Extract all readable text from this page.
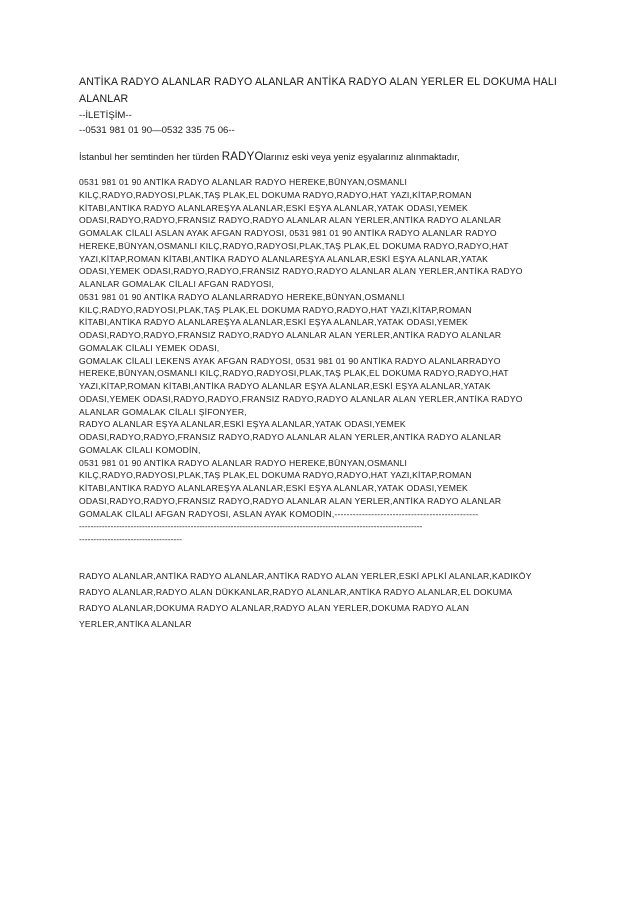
ANTİKA RADYO ALANLAR RADYO ALANLAR ANTİKA RADYO ALAN YERLER EL DOKUMA HALI ALANLAR

--İLETİŞİM--

--0531 981 01 90—0532 335 75 06--

İstanbul her semtinden her türden RADYOlarınız eski veya yeniz eşyalarınız alınmaktadır,

0531 981 01 90 ANTİKA RADYO ALANLAR RADYO HEREKE,BÜNYAN,OSMANLI
KILÇ,RADYO,RADYOSI,PLAK,TAŞ PLAK,EL DOKUMA RADYO,RADYO,HAT YAZI,KİTAP,ROMAN
KİTABI,ANTİKA RADYO ALANLAREŞYA ALANLAR,ESKİ EŞYA ALANLAR,YATAK ODASI,YEMEK
ODASI,RADYO,RADYO,FRANSIZ RADYO,RADYO ALANLAR ALAN YERLER,ANTİKA RADYO ALANLAR
GOMALAK CİLALI ASLAN AYAK AFGAN RADYOSI, 0531 981 01 90 ANTİKA RADYO ALANLAR RADYO
HEREKE,BÜNYAN,OSMANLI KILÇ,RADYO,RADYOSI,PLAK,TAŞ PLAK,EL DOKUMA RADYO,RADYO,HAT
YAZI,KİTAP,ROMAN KİTABI,ANTİKA RADYO ALANLAREŞYA ALANLAR,ESKİ EŞYA ALANLAR,YATAK
ODASI,YEMEK ODASI,RADYO,RADYO,FRANSIZ RADYO,RADYO ALANLAR ALAN YERLER,ANTİKA RADYO
ALANLAR GOMALAK CİLALI AFGAN RADYOSI,
0531 981 01 90 ANTİKA RADYO ALANLARRADYO HEREKE,BÜNYAN,OSMANLI
KILÇ,RADYO,RADYOSI,PLAK,TAŞ PLAK,EL DOKUMA RADYO,RADYO,HAT YAZI,KİTAP,ROMAN
KİTABI,ANTİKA RADYO ALANLAREŞYA ALANLAR,ESKİ EŞYA ALANLAR,YATAK ODASI,YEMEK
ODASI,RADYO,RADYO,FRANSIZ RADYO,RADYO ALANLAR ALAN YERLER,ANTİKA RADYO ALANLAR
GOMALAK CİLALI YEMEK ODASI,
GOMALAK CİLALI LEKENS AYAK AFGAN RADYOSI, 0531 981 01 90 ANTİKA RADYO ALANLARRADYO
HEREKE,BÜNYAN,OSMANLI KILÇ,RADYO,RADYOSI,PLAK,TAŞ PLAK,EL DOKUMA RADYO,RADYO,HAT
YAZI,KİTAP,ROMAN KİTABI,ANTİKA RADYO ALANLAR EŞYA ALANLAR,ESKİ EŞYA ALANLAR,YATAK
ODASI,YEMEK ODASI,RADYO,RADYO,FRANSIZ RADYO,RADYO ALANLAR ALAN YERLER,ANTİKA RADYO
ALANLAR GOMALAK CİLALI ŞİFONYER,
RADYO ALANLAR EŞYA ALANLAR,ESKİ EŞYA ALANLAR,YATAK ODASI,YEMEK
ODASI,RADYO,RADYO,FRANSIZ RADYO,RADYO ALANLAR ALAN YERLER,ANTİKA RADYO ALANLAR
GOMALAK CİLALI KOMODİN,
0531 981 01 90 ANTİKA RADYO ALANLAR RADYO HEREKE,BÜNYAN,OSMANLI
KILÇ,RADYO,RADYOSI,PLAK,TAŞ PLAK,EL DOKUMA RADYO,RADYO,HAT YAZI,KİTAP,ROMAN
KİTABI,ANTİKA RADYO ALANLAREŞYA ALANLAR,ESKİ EŞYA ALANLAR,YATAK ODASI,YEMEK
ODASI,RADYO,RADYO,FRANSIZ RADYO,RADYO ALANLAR ALAN YERLER,ANTİKA RADYO ALANLAR
GOMALAK CİLALI AFGAN RADYOSI, ASLAN AYAK KOMODİN,-----------------------------------------------

------------------------------------------------------------------------------------------------------------------------
------------------------------------

RADYO ALANLAR,ANTİKA RADYO ALANLAR,ANTİKA RADYO ALAN YERLER,ESKİ APLKİ ALANLAR,KADIKÖY
RADYO ALANLAR,RADYO ALAN DÜKKANLAR,RADYO ALANLAR,ANTİKA RADYO ALANLAR,EL DOKUMA
RADYO ALANLAR,DOKUMA RADYO ALANLAR,RADYO ALAN YERLER,DOKUMA RADYO ALAN
YERLER,ANTİKA ALANLAR
